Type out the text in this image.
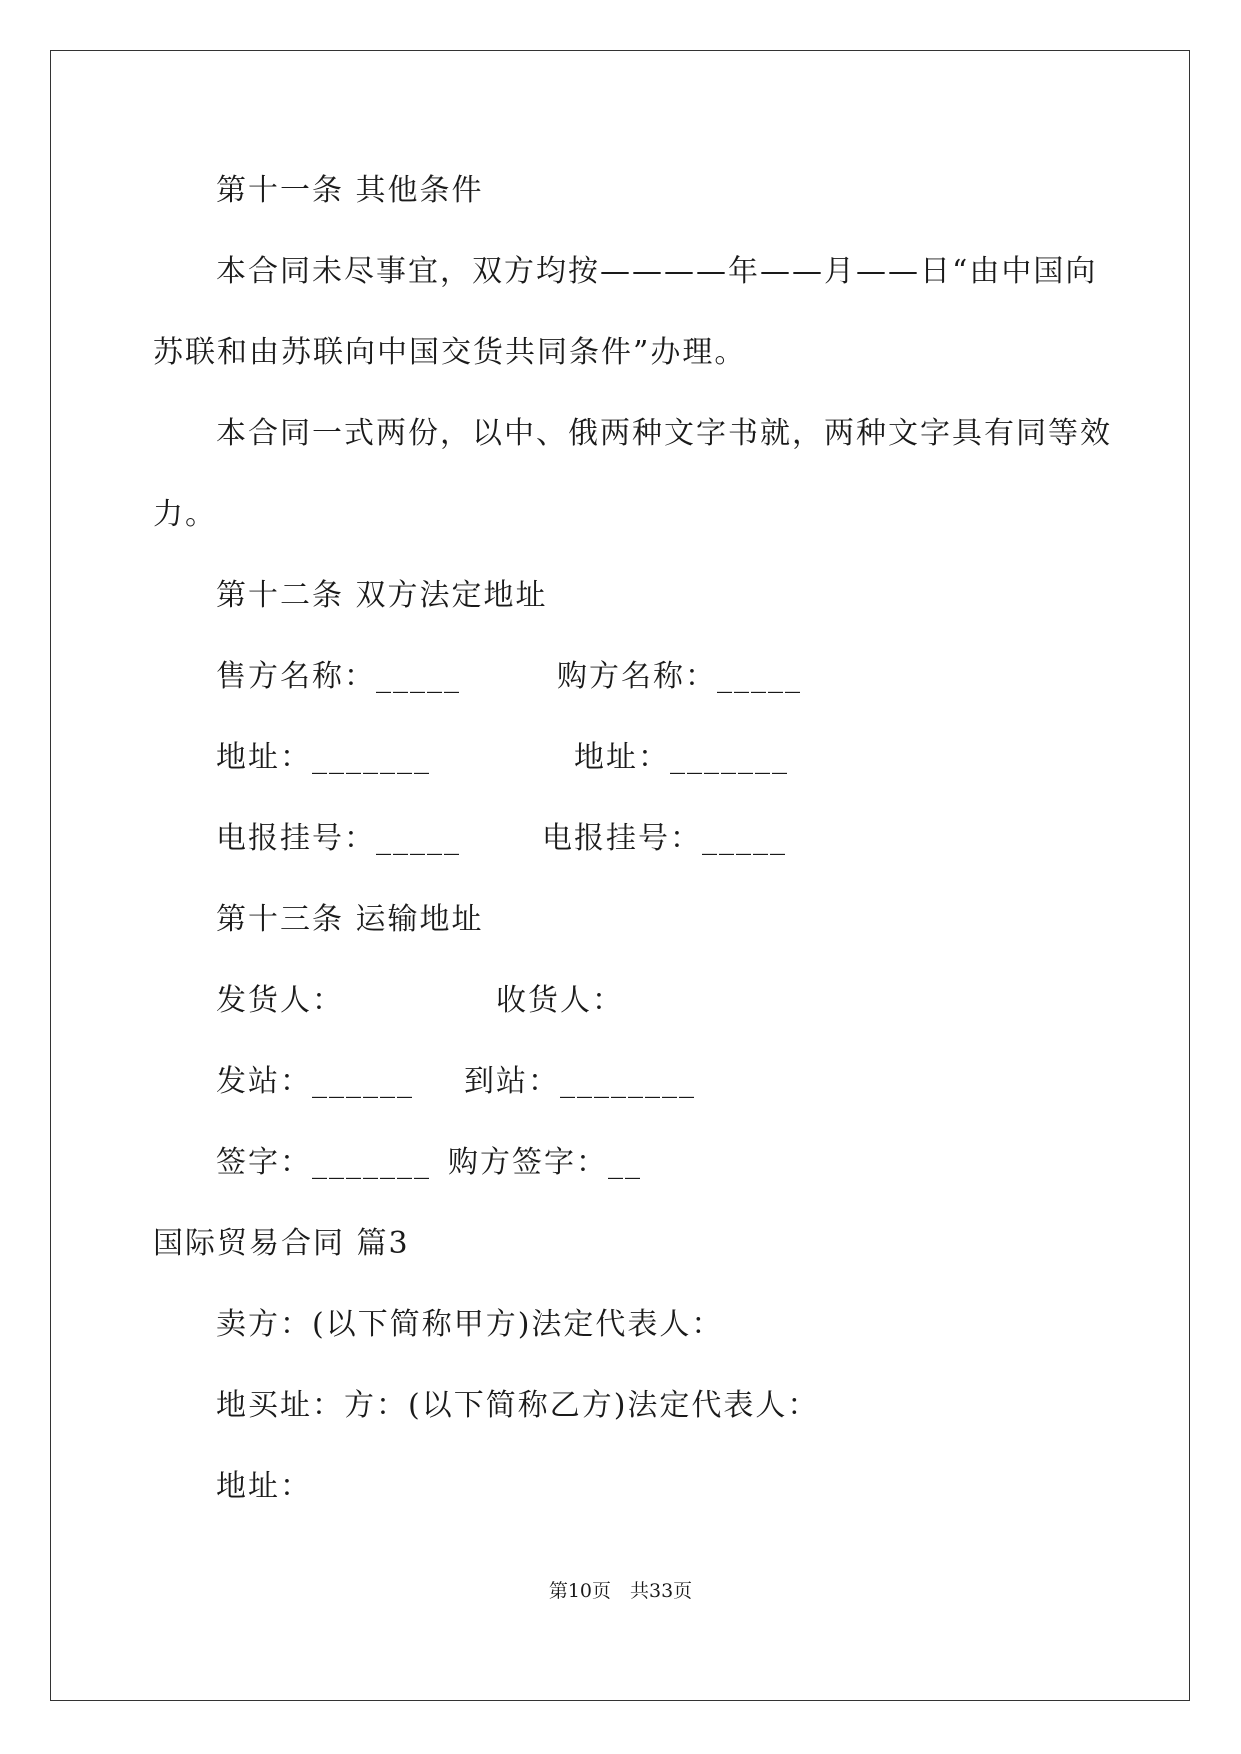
第十一条 其他条件
本合同未尽事宜，双方均按————年——月——日“由中国向
苏联和由苏联向中国交货共同条件”办理。
本合同一式两份，以中、俄两种文字书就，两种文字具有同等效
力。
第十二条 双方法定地址
售方名称：_____	购方名称：_____
地址：_______	地址：_______
电报挂号：_____	电报挂号：_____
第十三条 运输地址
发货人：	收货人：
发站：______ 到站：________
签字：_______ 购方签字：__
国际贸易合同 篇3
卖方：(以下简称甲方)法定代表人：
地买址：方：(以下简称乙方)法定代表人：
地址：
第10页　共33页
